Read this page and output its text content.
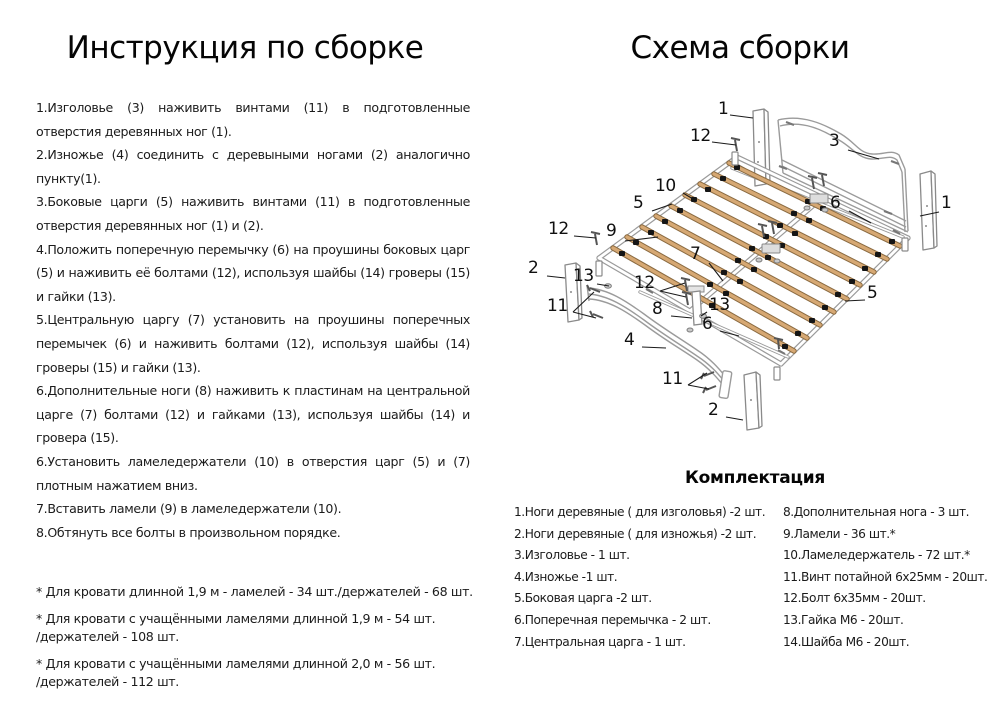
Инструкция по сборке	Схема сборки

1.Изголовье (3) наживить винтами (11) в подготовленные отверстия деревянных ног (1).

2.Изножье (4) соединить с деревыными ногами (2) аналогично пункту(1).

3.Боковые царги (5) наживить винтами (11) в подготовленные отверстия деревянных ног (1) и (2).

4.Положить поперечную перемычку (6) на проушины боковых царг (5) и наживить её болтами (12), используя шайбы (14) гроверы (15) и гайки (13).

5.Центральную царгу (7) установить на проушины поперечных перемычек (6) и наживить болтами (12), используя шайбы (14) гроверы (15) и гайки (13).

6.Дополнительные ноги (8) наживить к пластинам на центральной царге (7) болтами (12) и гайками (13), используя шайбы (14) и гровера (15).

6.Установить ламеледержатели (10) в отверстия царг (5) и (7) плотным нажатием вниз.

7.Вставить ламели (9) в ламеледержатели (10).

8.Обтянуть все болты в произвольном порядке.

* Для кровати длинной 1,9 м - ламелей - 34 шт./держателей - 68 шт.

* Для кровати с учащёнными ламелями длинной 1,9 м - 54 шт.
/держателей - 108 шт.

* Для кровати с учащёнными ламелями длинной 2,0 м - 56 шт.
/держателей - 112 шт.

Комплектация
1.Ноги деревяные ( для изголовья) -2 шт.
2.Ноги деревяные ( для изножья) -2 шт.
3.Изголовье - 1 шт.
4.Изножье -1 шт.
5.Боковая царга -2 шт.
6.Поперечная перемычка - 2 шт.
7.Центральная царга - 1 шт.
8.Дополнительная нога - 3 шт.
9.Ламели - 36 шт.*
10.Ламеледержатель - 72 шт.*
11.Винт потайной 6х25мм - 20шт.
12.Болт 6х35мм - 20шт.
13.Гайка М6 - 20шт.
14.Шайба М6 - 20шт.
1
12	3
10
5	6	1
12 9
2 13
7
12
11	8	13
6
5
4
11
2
